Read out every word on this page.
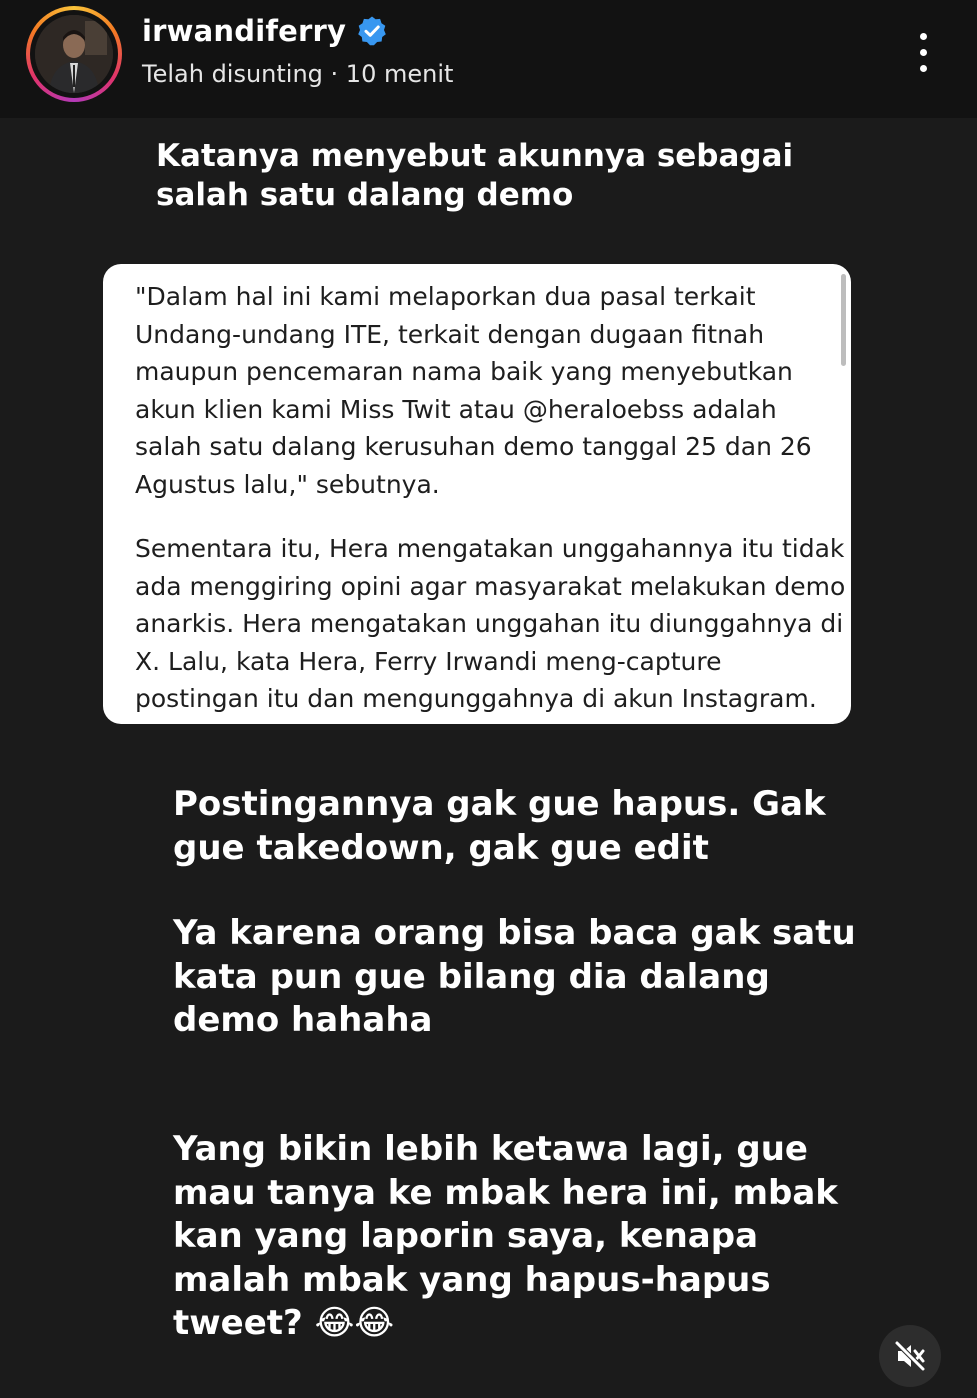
irwandiferry
Telah disunting · 10 menit
Katanya menyebut akunnya sebagai
salah satu dalang demo

"Dalam hal ini kami melaporkan dua pasal terkait
Undang-undang ITE, terkait dengan dugaan fitnah
maupun pencemaran nama baik yang menyebutkan
akun klien kami Miss Twit atau @heraloebss adalah
salah satu dalang kerusuhan demo tanggal 25 dan 26
Agustus lalu," sebutnya.

Sementara itu, Hera mengatakan unggahannya itu tidak
ada menggiring opini agar masyarakat melakukan demo
anarkis. Hera mengatakan unggahan itu diunggahnya di
X. Lalu, kata Hera, Ferry Irwandi meng-capture
postingan itu dan mengunggahnya di akun Instagram.

Postingannya gak gue hapus. Gak
gue takedown, gak gue edit
Ya karena orang bisa baca gak satu
kata pun gue bilang dia dalang
demo hahaha
Yang bikin lebih ketawa lagi, gue
mau tanya ke mbak hera ini, mbak
kan yang laporin saya, kenapa
malah mbak yang hapus-hapus
tweet? 😂😂
